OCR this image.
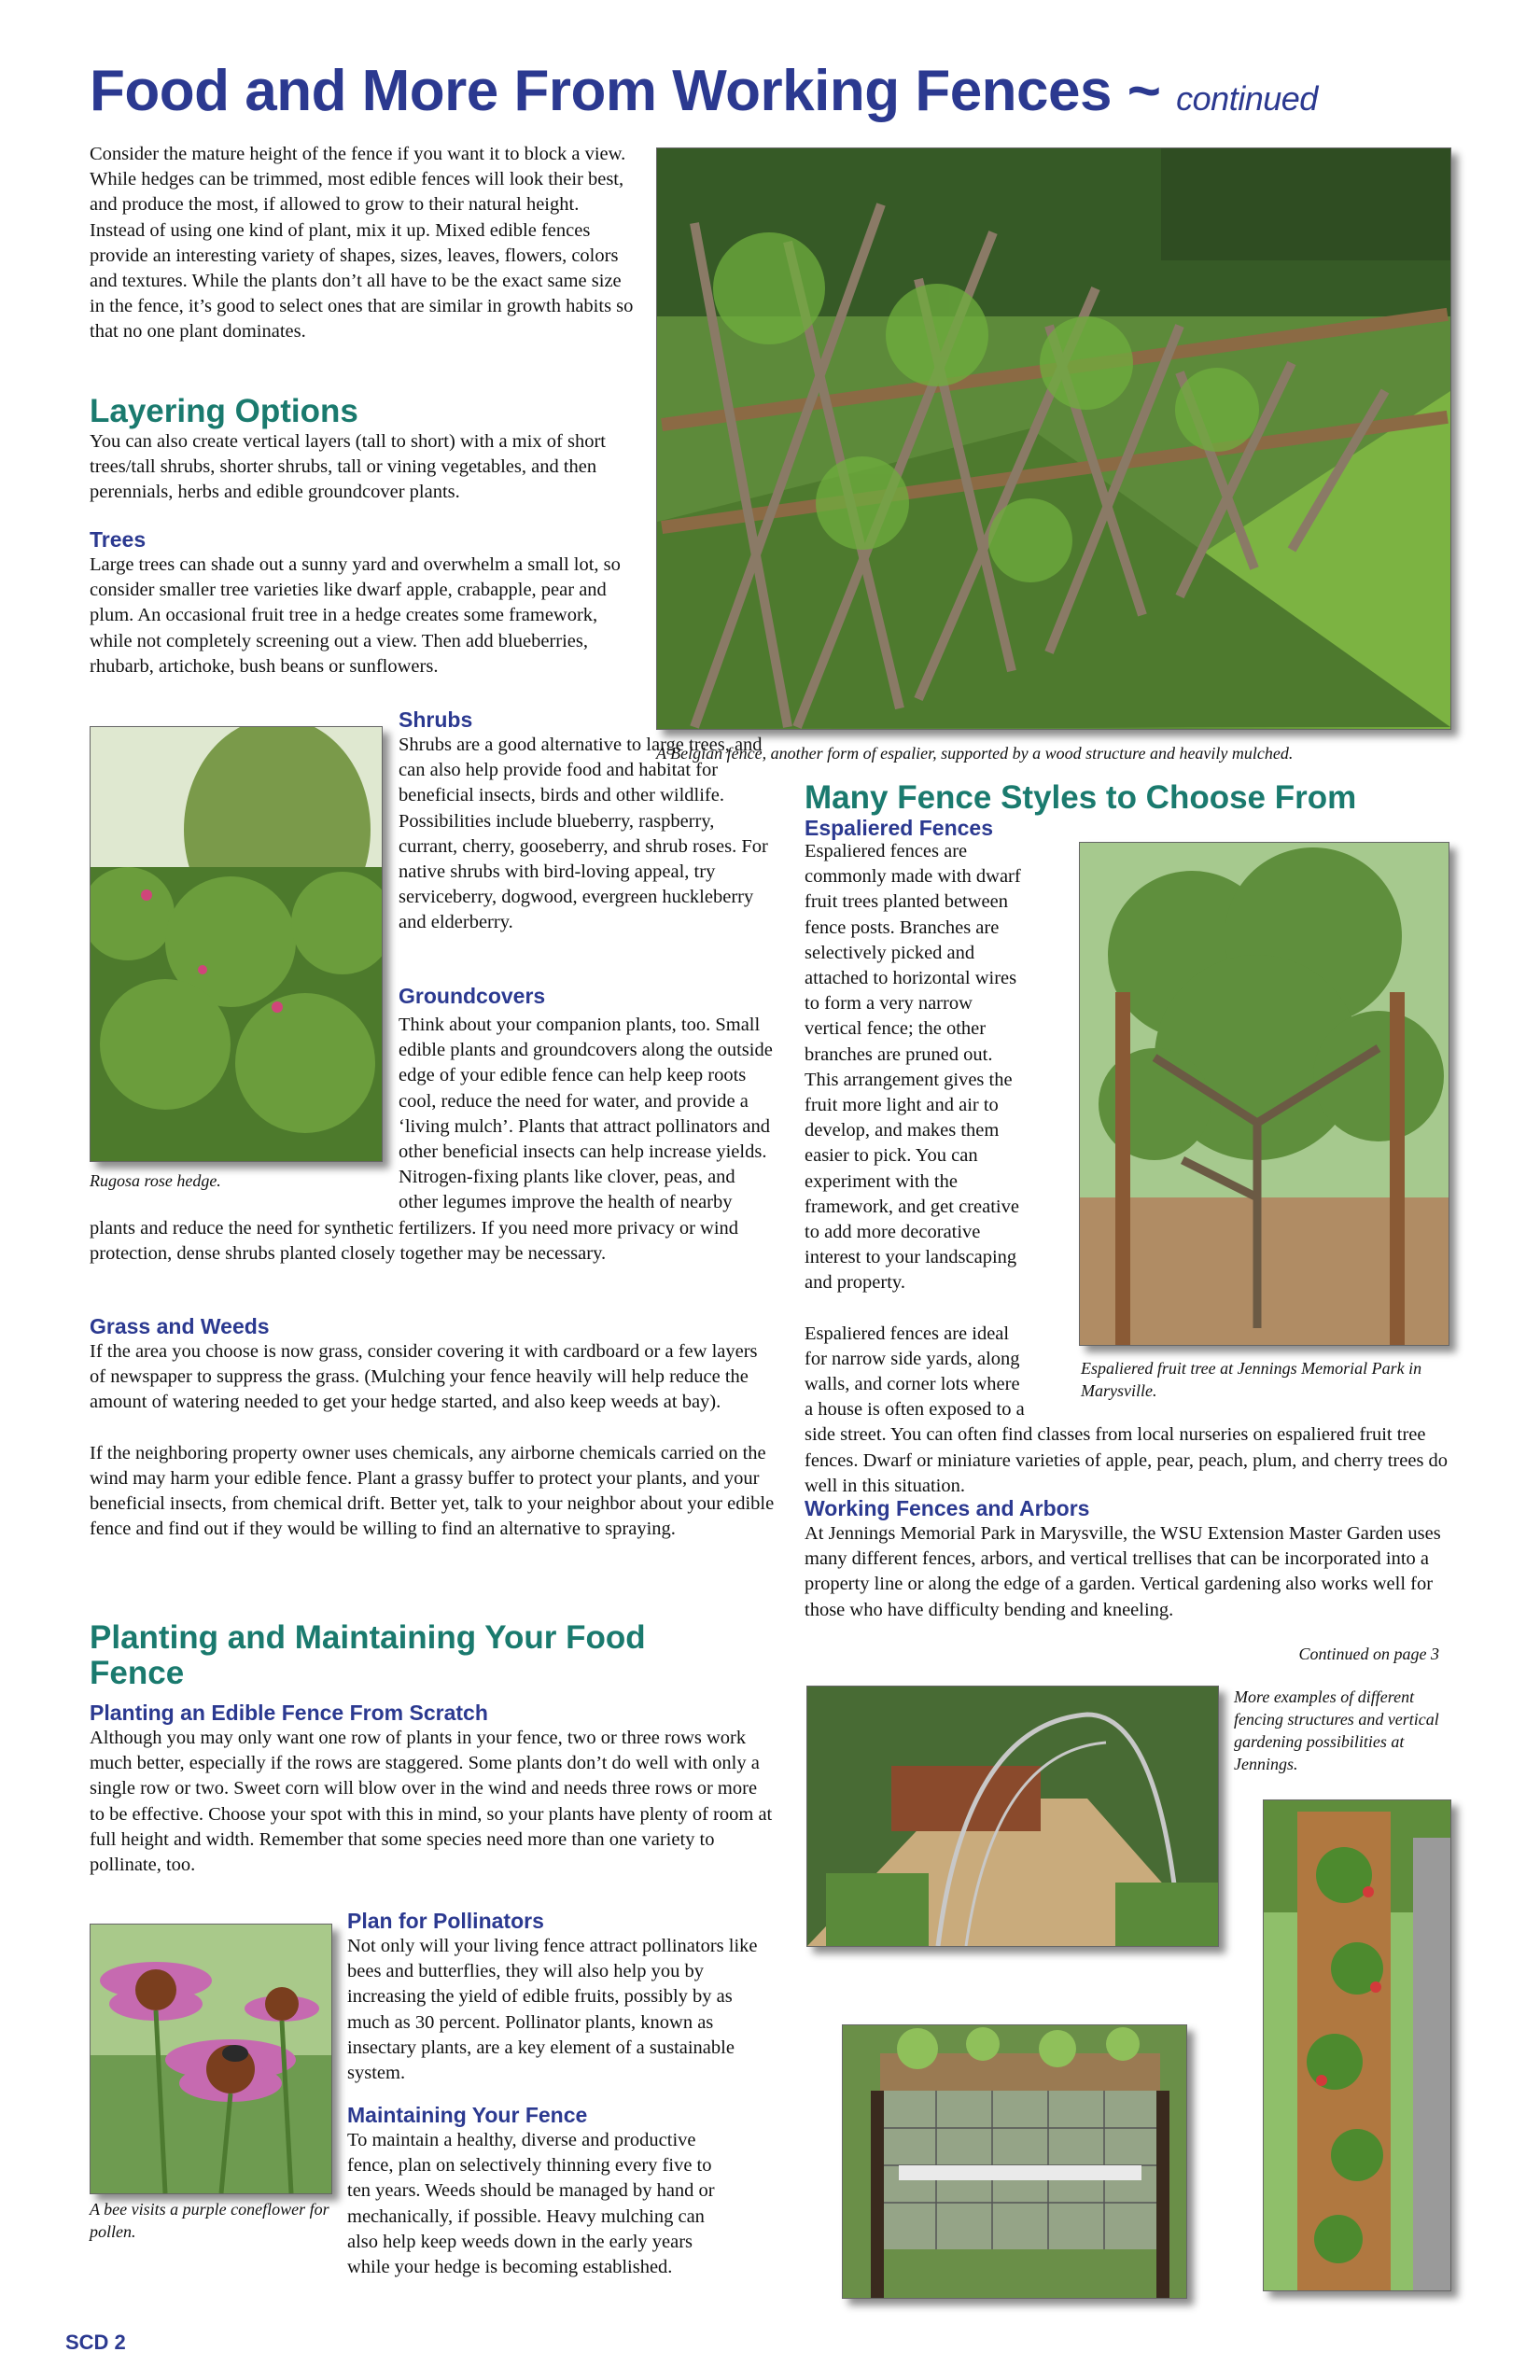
Food and More From Working Fences ~ continued

Consider the mature height of the fence if you want it to block a view. While hedges can be trimmed, most edible fences will look their best, and produce the most, if allowed to grow to their natural height. Instead of using one kind of plant, mix it up. Mixed edible fences provide an interesting variety of shapes, sizes, leaves, flowers, colors and textures. While the plants don’t all have to be the exact same size in the fence, it’s good to select ones that are similar in growth habits so that no one plant dominates.

Layering Options

You can also create vertical layers (tall to short) with a mix of short trees/tall shrubs, shorter shrubs, tall or vining vegetables, and then perennials, herbs and edible groundcover plants.

Trees

Large trees can shade out a sunny yard and overwhelm a small lot, so consider smaller tree varieties like dwarf apple, crabapple, pear and plum. An occasional fruit tree in a hedge creates some framework, while not completely screening out a view. Then add blueberries, rhubarb, artichoke, bush beans or sunflowers.

A Belgian fence, another form of espalier, supported by a wood structure and heavily mulched.

Rugosa rose hedge.

Shrubs

Shrubs are a good alternative to large trees, and can also help provide food and habitat for beneficial insects, birds and other wildlife. Possibilities include blueberry, raspberry, currant, cherry, gooseberry, and shrub roses. For native shrubs with bird-loving appeal, try serviceberry, dogwood, evergreen huckleberry and elderberry.

Groundcovers

Think about your companion plants, too. Small edible plants and groundcovers along the outside edge of your edible fence can help keep roots cool, reduce the need for water, and provide a ‘living mulch’. Plants that attract pollinators and other beneficial insects can help increase yields. Nitrogen-fixing plants like clover, peas, and other legumes improve the health of nearby plants and reduce the need for synthetic fertilizers. If you need more privacy or wind protection, dense shrubs planted closely together may be necessary.

Grass and Weeds

If the area you choose is now grass, consider covering it with cardboard or a few layers of newspaper to suppress the grass. (Mulching your fence heavily will help reduce the amount of watering needed to get your hedge started, and also keep weeds at bay).

If the neighboring property owner uses chemicals, any airborne chemicals carried on the wind may harm your edible fence. Plant a grassy buffer to protect your plants, and your beneficial insects, from chemical drift. Better yet, talk to your neighbor about your edible fence and find out if they would be willing to find an alternative to spraying.

Planting and Maintaining Your Food Fence
Planting an Edible Fence From Scratch

Although you may only want one row of plants in your fence, two or three rows work much better, especially if the rows are staggered. Some plants don’t do well with only a single row or two. Sweet corn will blow over in the wind and needs three rows or more to be effective. Choose your spot with this in mind, so your plants have plenty of room at full height and width. Remember that some species need more than one variety to pollinate, too.

A bee visits a purple coneflower for pollen.

Plan for Pollinators

Not only will your living fence attract pollinators like bees and butterflies, they will also help you by increasing the yield of edible fruits, possibly by as much as 30 percent. Pollinator plants, known as insectary plants, are a key element of a sustainable system.

Maintaining Your Fence

To maintain a healthy, diverse and productive fence, plan on selectively thinning every five to ten years. Weeds should be managed by hand or mechanically, if possible. Heavy mulching can also help keep weeds down in the early years while your hedge is becoming established.

Many Fence Styles to Choose From
Espaliered Fences

Espaliered fruit tree at Jennings Memorial Park in Marysville.

Espaliered fences are commonly made with dwarf fruit trees planted between fence posts. Branches are selectively picked and attached to horizontal wires to form a very narrow vertical fence; the other branches are pruned out. This arrangement gives the fruit more light and air to develop, and makes them easier to pick. You can experiment with the framework, and get creative to add more decorative interest to your landscaping and property.

Espaliered fences are ideal for narrow side yards, along walls, and corner lots where a house is often exposed to a side street. You can often find classes from local nurseries on espaliered fruit tree fences. Dwarf or miniature varieties of apple, pear, peach, plum, and cherry trees do well in this situation.

Working Fences and Arbors

At Jennings Memorial Park in Marysville, the WSU Extension Master Garden uses many different fences, arbors, and vertical trellises that can be incorporated into a property line or along the edge of a garden. Vertical gardening also works well for those who have difficulty bending and kneeling.

Continued on page 3

More examples of different fencing structures and vertical gardening possibilities at Jennings.

SCD 2
